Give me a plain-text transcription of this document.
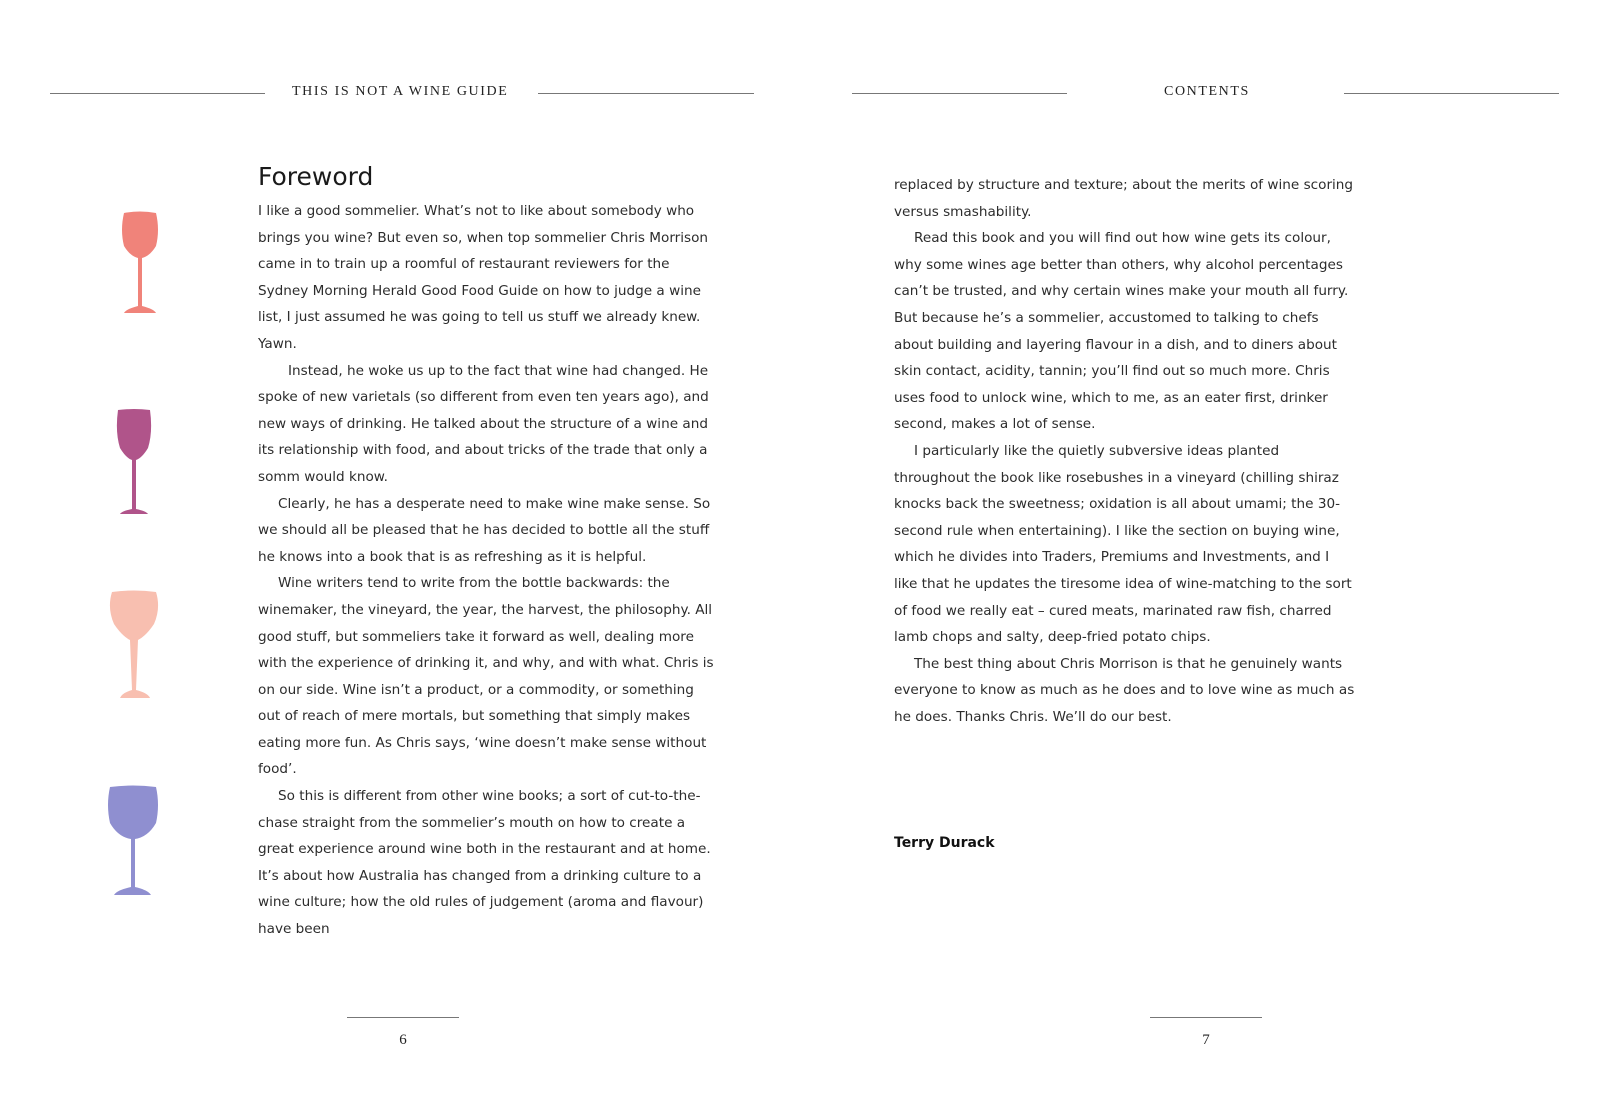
THIS IS NOT A WINE GUIDE
Foreword

I like a good sommelier. What’s not to like about somebody who brings you wine? But even so, when top sommelier Chris Morrison came in to train up a roomful of restaurant reviewers for the Sydney Morning Herald Good Food Guide on how to judge a wine list, I just assumed he was going to tell us stuff we already knew. Yawn.

Instead, he woke us up to the fact that wine had changed. He spoke of new varietals (so different from even ten years ago), and new ways of drinking. He talked about the structure of a wine and its relationship with food, and about tricks of the trade that only a somm would know.

Clearly, he has a desperate need to make wine make sense. So we should all be pleased that he has decided to bottle all the stuff he knows into a book that is as refreshing as it is helpful.

Wine writers tend to write from the bottle backwards: the winemaker, the vineyard, the year, the harvest, the philosophy. All good stuff, but sommeliers take it forward as well, dealing more with the experience of drinking it, and why, and with what. Chris is on our side. Wine isn’t a product, or a commodity, or something out of reach of mere mortals, but something that simply makes eating more fun. As Chris says, ‘wine doesn’t make sense without food’.

So this is different from other wine books; a sort of cut-to-the-chase straight from the sommelier’s mouth on how to create a great experience around wine both in the restaurant and at home. It’s about how Australia has changed from a drinking culture to a wine culture; how the old rules of judgement (aroma and flavour) have been

6
CONTENTS
7

replaced by structure and texture; about the merits of wine scoring versus smashability.

Read this book and you will find out how wine gets its colour, why some wines age better than others, why alcohol percentages can’t be trusted, and why certain wines make your mouth all furry. But because he’s a sommelier, accustomed to talking to chefs about building and layering flavour in a dish, and to diners about skin contact, acidity, tannin; you’ll find out so much more. Chris uses food to unlock wine, which to me, as an eater first, drinker second, makes a lot of sense.

I particularly like the quietly subversive ideas planted throughout the book like rosebushes in a vineyard (chilling shiraz knocks back the sweetness; oxidation is all about umami; the 30-second rule when entertaining). I like the section on buying wine, which he divides into Traders, Premiums and Investments, and I like that he updates the tiresome idea of wine-matching to the sort of food we really eat – cured meats, marinated raw fish, charred lamb chops and salty, deep-fried potato chips.

The best thing about Chris Morrison is that he genuinely wants everyone to know as much as he does and to love wine as much as he does. Thanks Chris. We’ll do our best.

Terry Durack
